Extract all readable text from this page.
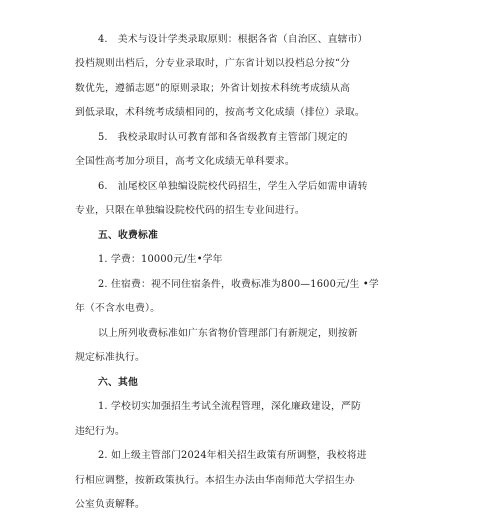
4.　美术与设计学类录取原则：根据各省（自治区、直辖市）
投档规则出档后，分专业录取时，广东省计划以投档总分按“分
数优先，遵循志愿”的原则录取；外省计划按术科统考成绩从高
到低录取，术科统考成绩相同的，按高考文化成绩（排位）录取。
5.　我校录取时认可教育部和各省级教育主管部门规定的
全国性高考加分项目，高考文化成绩无单科要求。
6.　汕尾校区单独编设院校代码招生，学生入学后如需申请转
专业，只限在单独编设院校代码的招生专业间进行。
五、收费标准
1. 学费：10000元/生•学年
2. 住宿费：视不同住宿条件，收费标准为800—1600元/生 •学
年（不含水电费）。
以上所列收费标准如广东省物价管理部门有新规定，则按新
规定标准执行。
六、其他
1. 学校切实加强招生考试全流程管理，深化廉政建设，严防
违纪行为。
2. 如上级主管部门2024年相关招生政策有所调整，我校将进
行相应调整，按新政策执行。本招生办法由华南师范大学招生办
公室负责解释。
